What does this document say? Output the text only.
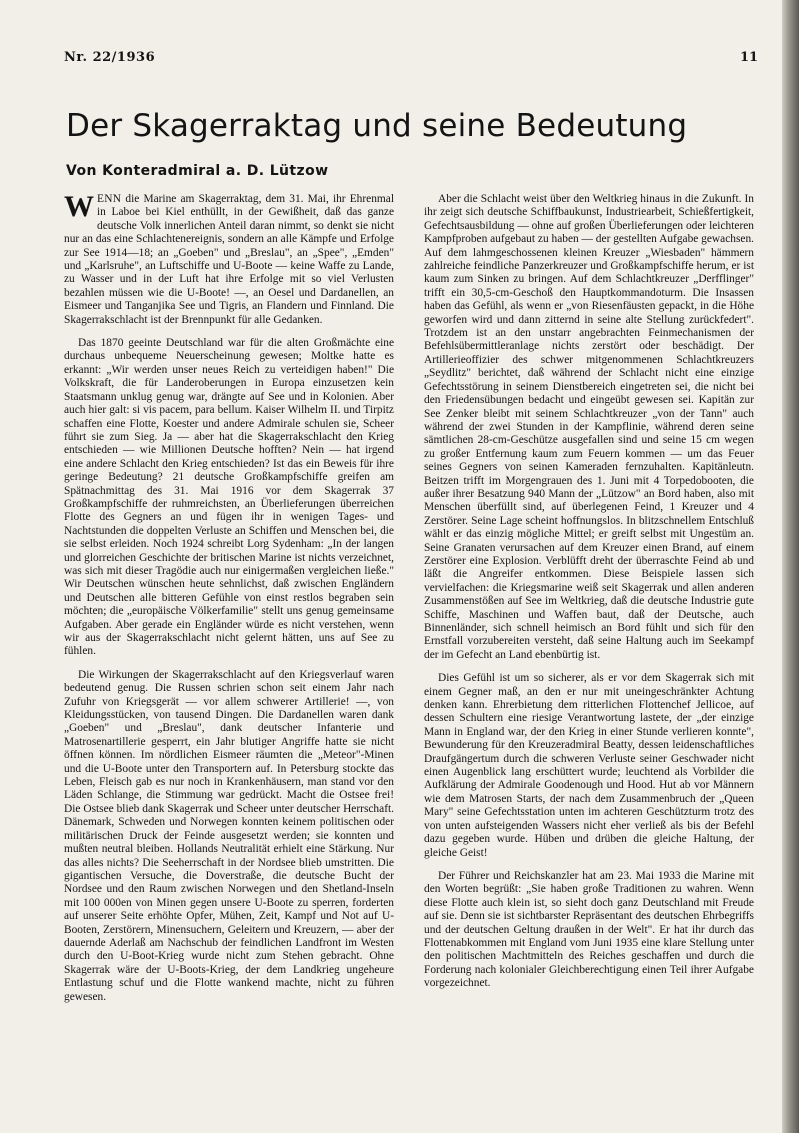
Nr. 22/1936	11
Der Skagerraktag und seine Bedeutung
Von Konteradmiral a. D. Lützow

WENN die Marine am Skagerraktag, dem 31. Mai, ihr Ehrenmal in Laboe bei Kiel enthüllt, in der Gewißheit, daß das ganze deutsche Volk innerlichen Anteil daran nimmt, so denkt sie nicht nur an das eine Schlachtenereignis, sondern an alle Kämpfe und Erfolge zur See 1914—18; an „Goeben" und „Breslau", an „Spee", „Emden" und „Karlsruhe", an Luftschiffe und U-Boote — keine Waffe zu Lande, zu Wasser und in der Luft hat ihre Erfolge mit so viel Verlusten bezahlen müssen wie die U-Boote! —, an Oesel und Dardanellen, an Eismeer und Tanganjika See und Tigris, an Flandern und Finnland. Die Skagerrakschlacht ist der Brennpunkt für alle Gedanken.

Das 1870 geeinte Deutschland war für die alten Großmächte eine durchaus unbequeme Neuerscheinung gewesen; Moltke hatte es erkannt: „Wir werden unser neues Reich zu verteidigen haben!" Die Volkskraft, die für Landeroberungen in Europa einzusetzen kein Staatsmann unklug genug war, drängte auf See und in Kolonien. Aber auch hier galt: si vis pacem, para bellum. Kaiser Wilhelm II. und Tirpitz schaffen eine Flotte, Koester und andere Admirale schulen sie, Scheer führt sie zum Sieg. Ja — aber hat die Skagerrakschlacht den Krieg entschieden — wie Millionen Deutsche hofften? Nein — hat irgend eine andere Schlacht den Krieg entschieden? Ist das ein Beweis für ihre geringe Bedeutung? 21 deutsche Großkampfschiffe greifen am Spätnachmittag des 31. Mai 1916 vor dem Skagerrak 37 Großkampfschiffe der ruhmreichsten, an Überlieferungen überreichen Flotte des Gegners an und fügen ihr in wenigen Tages- und Nachtstunden die doppelten Verluste an Schiffen und Menschen bei, die sie selbst erleiden. Noch 1924 schreibt Lorg Sydenham: „In der langen und glorreichen Geschichte der britischen Marine ist nichts verzeichnet, was sich mit dieser Tragödie auch nur einigermaßen vergleichen ließe." Wir Deutschen wünschen heute sehnlichst, daß zwischen Engländern und Deutschen alle bitteren Gefühle von einst restlos begraben sein möchten; die „europäische Völkerfamilie" stellt uns genug gemeinsame Aufgaben. Aber gerade ein Engländer würde es nicht verstehen, wenn wir aus der Skagerrakschlacht nicht gelernt hätten, uns auf See zu fühlen.

Die Wirkungen der Skagerrakschlacht auf den Kriegsverlauf waren bedeutend genug. Die Russen schrien schon seit einem Jahr nach Zufuhr von Kriegsgerät — vor allem schwerer Artillerie! —, von Kleidungsstücken, von tausend Dingen. Die Dardanellen waren dank „Goeben" und „Breslau", dank deutscher Infanterie und Matrosenartillerie gesperrt, ein Jahr blutiger Angriffe hatte sie nicht öffnen können. Im nördlichen Eismeer räumten die „Meteor"-Minen und die U-Boote unter den Transportern auf. In Petersburg stockte das Leben, Fleisch gab es nur noch in Krankenhäusern, man stand vor den Läden Schlange, die Stimmung war gedrückt. Macht die Ostsee frei! Die Ostsee blieb dank Skagerrak und Scheer unter deutscher Herrschaft. Dänemark, Schweden und Norwegen konnten keinem politischen oder militärischen Druck der Feinde ausgesetzt werden; sie konnten und mußten neutral bleiben. Hollands Neutralität erhielt eine Stärkung. Nur das alles nichts? Die Seeherrschaft in der Nordsee blieb umstritten. Die gigantischen Versuche, die Doverstraße, die deutsche Bucht der Nordsee und den Raum zwischen Norwegen und den Shetland-Inseln mit 100 000en von Minen gegen unsere U-Boote zu sperren, forderten auf unserer Seite erhöhte Opfer, Mühen, Zeit, Kampf und Not auf U-Booten, Zerstörern, Minensuchern, Geleitern und Kreuzern, — aber der dauernde Aderlaß am Nachschub der feindlichen Landfront im Westen durch den U-Boot-Krieg wurde nicht zum Stehen gebracht. Ohne Skagerrak wäre der U-Boots-Krieg, der dem Landkrieg ungeheure Entlastung schuf und die Flotte wankend machte, nicht zu führen gewesen.

Aber die Schlacht weist über den Weltkrieg hinaus in die Zukunft. In ihr zeigt sich deutsche Schiffbaukunst, Industriearbeit, Schießfertigkeit, Gefechtsausbildung — ohne auf großen Überlieferungen oder leichteren Kampfproben aufgebaut zu haben — der gestellten Aufgabe gewachsen. Auf dem lahmgeschossenen kleinen Kreuzer „Wiesbaden" hämmern zahlreiche feindliche Panzerkreuzer und Großkampfschiffe herum, er ist kaum zum Sinken zu bringen. Auf dem Schlachtkreuzer „Derfflinger" trifft ein 30,5-cm-Geschoß den Hauptkommandoturm. Die Insassen haben das Gefühl, als wenn er „von Riesenfäusten gepackt, in die Höhe geworfen wird und dann zitternd in seine alte Stellung zurückfedert". Trotzdem ist an den unstarr angebrachten Feinmechanismen der Befehlsübermittleranlage nichts zerstört oder beschädigt. Der Artillerieoffizier des schwer mitgenommenen Schlachtkreuzers „Seydlitz" berichtet, daß während der Schlacht nicht eine einzige Gefechtsstörung in seinem Dienstbereich eingetreten sei, die nicht bei den Friedensübungen bedacht und eingeübt gewesen sei. Kapitän zur See Zenker bleibt mit seinem Schlachtkreuzer „von der Tann" auch während der zwei Stunden in der Kampflinie, während deren seine sämtlichen 28-cm-Geschütze ausgefallen sind und seine 15 cm wegen zu großer Entfernung kaum zum Feuern kommen — um das Feuer seines Gegners von seinen Kameraden fernzuhalten. Kapitänleutn. Beitzen trifft im Morgengrauen des 1. Juni mit 4 Torpedobooten, die außer ihrer Besatzung 940 Mann der „Lützow" an Bord haben, also mit Menschen überfüllt sind, auf überlegenen Feind, 1 Kreuzer und 4 Zerstörer. Seine Lage scheint hoffnungslos. In blitzschnellem Entschluß wählt er das einzig mögliche Mittel; er greift selbst mit Ungestüm an. Seine Granaten verursachen auf dem Kreuzer einen Brand, auf einem Zerstörer eine Explosion. Verblüfft dreht der überraschte Feind ab und läßt die Angreifer entkommen. Diese Beispiele lassen sich vervielfachen: die Kriegsmarine weiß seit Skagerrak und allen anderen Zusammenstößen auf See im Weltkrieg, daß die deutsche Industrie gute Schiffe, Maschinen und Waffen baut, daß der Deutsche, auch Binnenländer, sich schnell heimisch an Bord fühlt und sich für den Ernstfall vorzubereiten versteht, daß seine Haltung auch im Seekampf der im Gefecht an Land ebenbürtig ist.

Dies Gefühl ist um so sicherer, als er vor dem Skagerrak sich mit einem Gegner maß, an den er nur mit uneingeschränkter Achtung denken kann. Ehrerbietung dem ritterlichen Flottenchef Jellicoe, auf dessen Schultern eine riesige Verantwortung lastete, der „der einzige Mann in England war, der den Krieg in einer Stunde verlieren konnte", Bewunderung für den Kreuzeradmiral Beatty, dessen leidenschaftliches Draufgängertum durch die schweren Verluste seiner Geschwader nicht einen Augenblick lang erschüttert wurde; leuchtend als Vorbilder die Aufklärung der Admirale Goodenough und Hood. Hut ab vor Männern wie dem Matrosen Starts, der nach dem Zusammenbruch der „Queen Mary" seine Gefechtsstation unten im achteren Geschützturm trotz des von unten aufsteigenden Wassers nicht eher verließ als bis der Befehl dazu gegeben wurde. Hüben und drüben die gleiche Haltung, der gleiche Geist!

Der Führer und Reichskanzler hat am 23. Mai 1933 die Marine mit den Worten begrüßt: „Sie haben große Traditionen zu wahren. Wenn diese Flotte auch klein ist, so sieht doch ganz Deutschland mit Freude auf sie. Denn sie ist sichtbarster Repräsentant des deutschen Ehrbegriffs und der deutschen Geltung draußen in der Welt". Er hat ihr durch das Flottenabkommen mit England vom Juni 1935 eine klare Stellung unter den politischen Machtmitteln des Reiches geschaffen und durch die Forderung nach kolonialer Gleichberechtigung einen Teil ihrer Aufgabe vorgezeichnet.
